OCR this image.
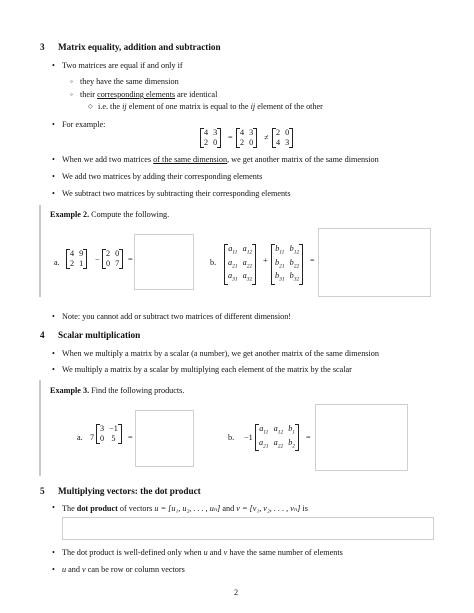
3 Matrix equality, addition and subtraction
• Two matrices are equal if and only if
◦ they have the same dimension
◦ their corresponding elements are identical
◇ i.e. the ij element of one matrix is equal to the ij element of the other
• For example:
4 3
2 0
=
4 3
2 0
≠
2 0
4 3
• When we add two matrices of the same dimension, we get another matrix of the same dimension
• We add two matrices by adding their corresponding elements
• We subtract two matrices by subtracting their corresponding elements
Example 2. Compute the following.
a.
4 9
2 1 −
2 0
0 7 =	b.
$a_{11}$ $a_{12}$
$a_{21}$ $a_{22}$
$a_{31}$ $a_{32}$
+
$b_{11}$ $b_{12}$
$b_{21}$ $b_{22}$
$b_{31}$ $b_{32}$
=
• Note: you cannot add or subtract two matrices of different dimension!
4 Scalar multiplication
• When we multiply a matrix by a scalar (a number), we get another matrix of the same dimension
• We multiply a matrix by a scalar by multiplying each element of the matrix by the scalar
Example 3. Find the following products.
a. 7
3 −1
0 5 =	b. −1
$a_{11}$ $a_{12}$ $b_1$
$a_{21}$ $a_{22}$ $b_2$
=
5 Multiplying vectors: the dot product
• The dot product of vectors u = [u₁, u₂, . . . , uₙ] and v = [v₁, v₂, . . . , vₙ] is
• The dot product is well-defined only when u and v have the same number of elements
• u and v can be row or column vectors
2
